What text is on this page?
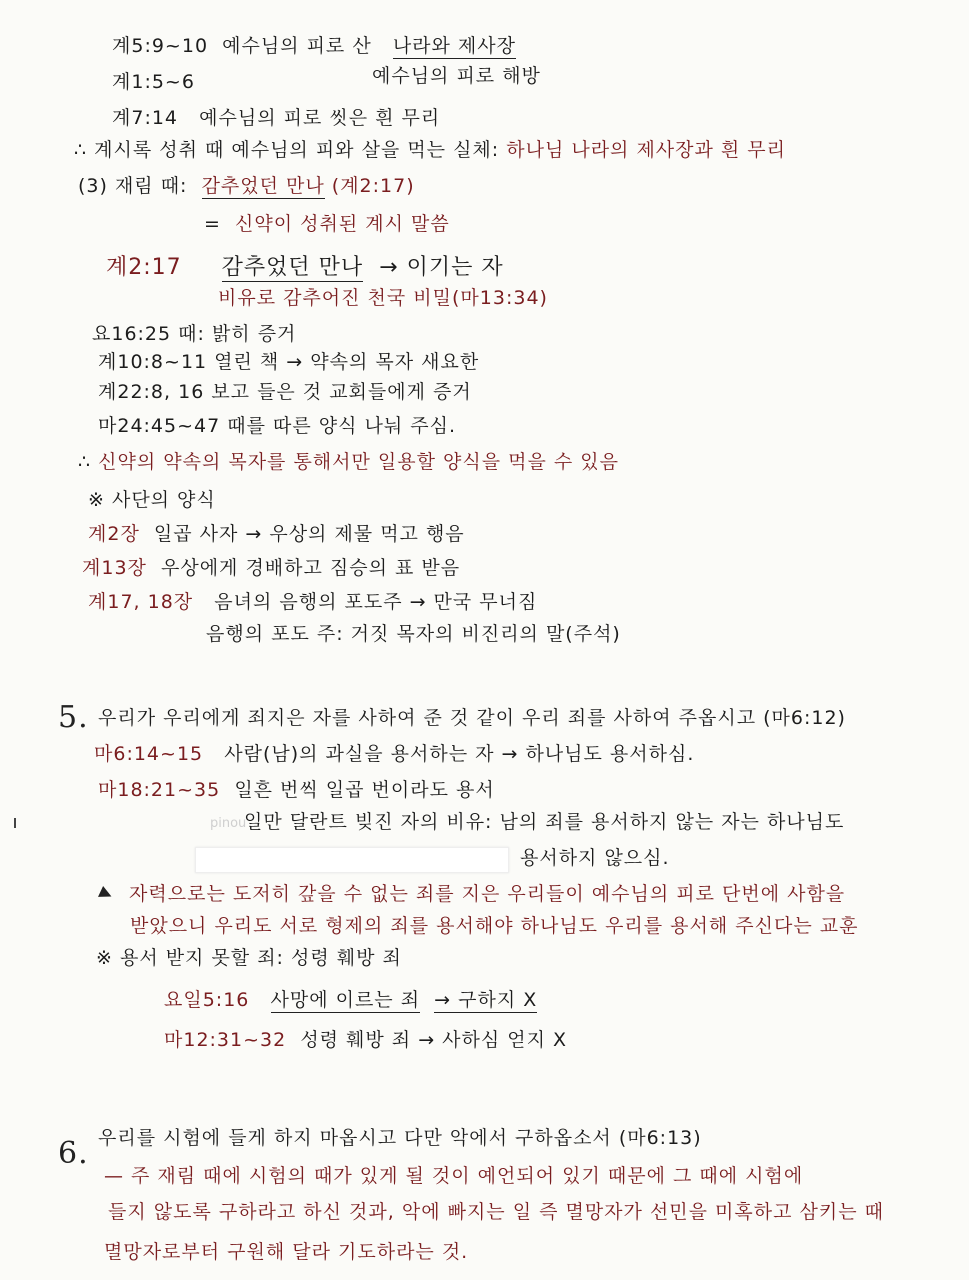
계5:9~10 예수님의 피로 산 나라와 제사장
계1:5~6	예수님의 피로 해방
계7:14 예수님의 피로 씻은 흰 무리
∴ 계시록 성취 때 예수님의 피와 살을 먹는 실체: 하나님 나라의 제사장과 흰 무리
(3) 재림 때: 감추었던 만나 (계2:17)
= 신약이 성취된 계시 말씀
계2:17 감추었던 만나 → 이기는 자
비유로 감추어진 천국 비밀(마13:34)
요16:25 때: 밝히 증거
계10:8~11 열린 책 → 약속의 목자 새요한
계22:8, 16 보고 들은 것 교회들에게 증거
마24:45~47 때를 따른 양식 나눠 주심.
∴ 신약의 약속의 목자를 통해서만 일용할 양식을 먹을 수 있음
※ 사단의 양식
계2장 일곱 사자 → 우상의 제물 먹고 행음
계13장 우상에게 경배하고 짐승의 표 받음
계17, 18장 음녀의 음행의 포도주 → 만국 무너짐
음행의 포도 주: 거짓 목자의 비진리의 말(주석)
5. 우리가 우리에게 죄지은 자를 사하여 준 것 같이 우리 죄를 사하여 주옵시고 (마6:12)
마6:14~15 사람(남)의 과실을 용서하는 자 → 하나님도 용서하심.
마18:21~35 일흔 번씩 일곱 번이라도 용서
pinou
일만 달란트 빚진 자의 비유: 남의 죄를 용서하지 않는 자는 하나님도
용서하지 않으심.
자력으로는 도저히 갚을 수 없는 죄를 지은 우리들이 예수님의 피로 단번에 사함을
받았으니 우리도 서로 형제의 죄를 용서해야 하나님도 우리를 용서해 주신다는 교훈
※ 용서 받지 못할 죄: 성령 훼방 죄
요일5:16 사망에 이르는 죄 → 구하지 X
마12:31~32 성령 훼방 죄 → 사하심 얻지 X
6. 우리를 시험에 들게 하지 마옵시고 다만 악에서 구하옵소서 (마6:13)
— 주 재림 때에 시험의 때가 있게 될 것이 예언되어 있기 때문에 그 때에 시험에
들지 않도록 구하라고 하신 것과, 악에 빠지는 일 즉 멸망자가 선민을 미혹하고 삼키는 때
멸망자로부터 구원해 달라 기도하라는 것.
